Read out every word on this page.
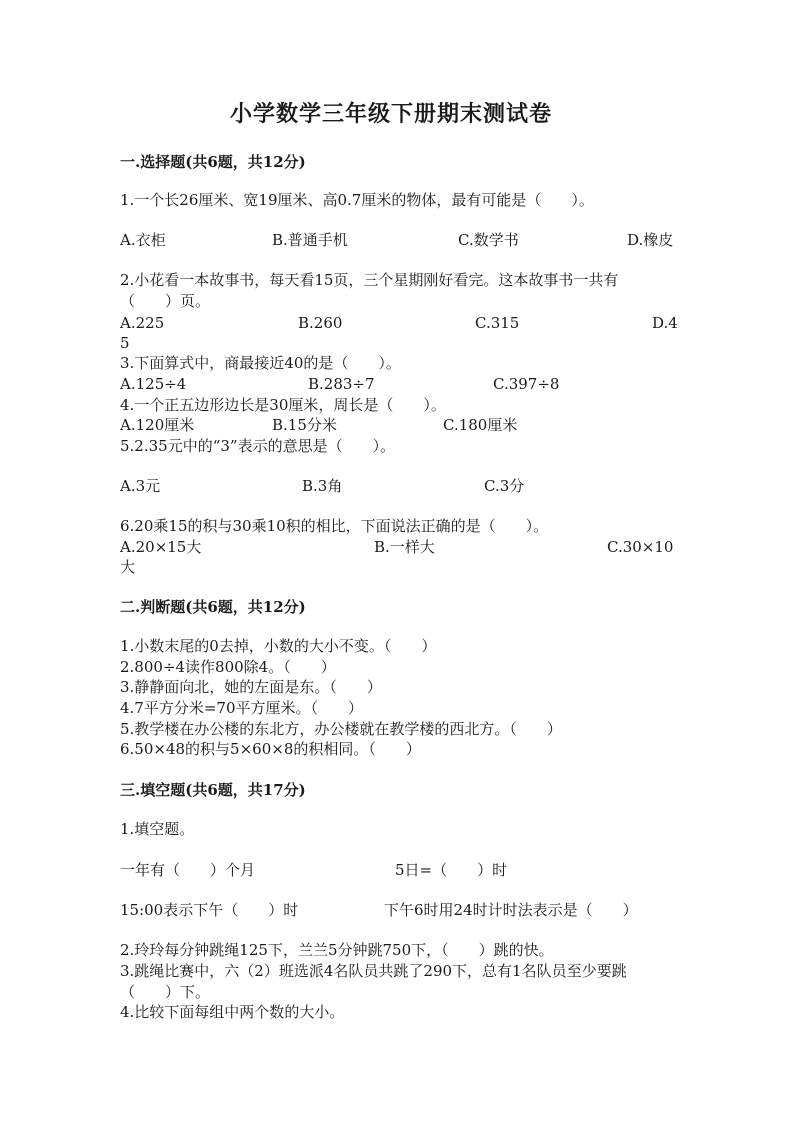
小学数学三年级下册期末测试卷
一.选择题(共6题，共12分)
1.一个长26厘米、宽19厘米、高0.7厘米的物体，最有可能是（　　）。
A.衣柜	B.普通手机	C.数学书	D.橡皮
2.小花看一本故事书，每天看15页，三个星期刚好看完。这本故事书一共有
（　　）页。
A.225	B.260	C.315	D.4
5
3.下面算式中，商最接近40的是（　　）。
A.125÷4	B.283÷7	C.397÷8
4.一个正五边形边长是30厘米，周长是（　　）。
A.120厘米	B.15分米	C.180厘米
5.2.35元中的“3”表示的意思是（　　）。
A.3元	B.3角	C.3分
6.20乘15的积与30乘10积的相比，下面说法正确的是（　　）。
A.20×15大	B.一样大	C.30×10
大
二.判断题(共6题，共12分)
1.小数末尾的0去掉，小数的大小不变。（　　）
2.800÷4读作800除4。（　　）
3.静静面向北，她的左面是东。（　　）
4.7平方分米=70平方厘米。（　　）
5.教学楼在办公楼的东北方，办公楼就在教学楼的西北方。（　　）
6.50×48的积与5×60×8的积相同。（　　）
三.填空题(共6题，共17分)
1.填空题。
一年有（　　）个月	5日=（　　）时
15:00表示下午（　　）时	下午6时用24时计时法表示是（　　）
2.玲玲每分钟跳绳125下，兰兰5分钟跳750下，（　　）跳的快。
3.跳绳比赛中，六（2）班选派4名队员共跳了290下，总有1名队员至少要跳
（　　）下。
4.比较下面每组中两个数的大小。
